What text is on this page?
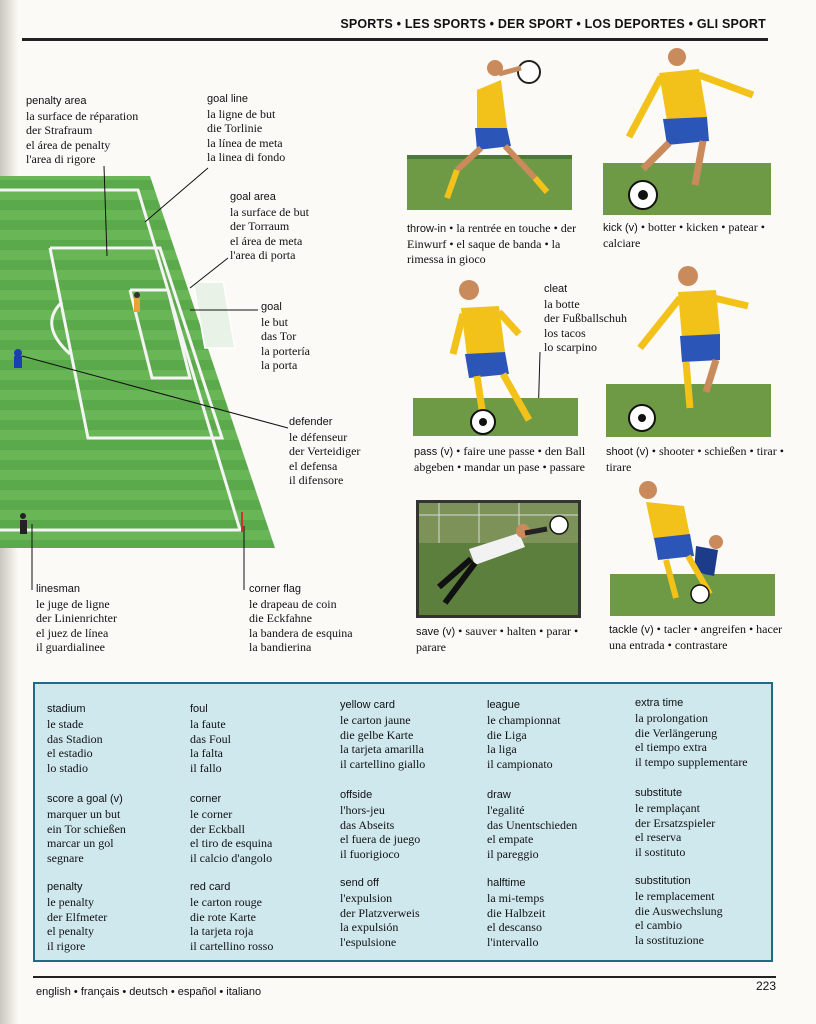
SPORTS • LES SPORTS • DER SPORT • LOS DEPORTES • GLI SPORT
penalty area
la surface de réparation
der Strafraum
el área de penalty
l'area di rigore
goal line
la ligne de but
die Torlinie
la línea de meta
la linea di fondo
goal area
la surface de but
der Torraum
el área de meta
l'area di porta
goal
le but
das Tor
la portería
la porta
defender
le défenseur
der Verteidiger
el defensa
il difensore
linesman
le juge de ligne
der Linienrichter
el juez de línea
il guardialinee
corner flag
le drapeau de coin
die Eckfahne
la bandera de esquina
la bandierina
cleat
la botte
der Fußballschuh
los tacos
lo scarpino
throw-in • la rentrée en touche • der Einwurf • el saque de banda • la rimessa in gioco
kick (v) • botter • kicken • patear • calciare
pass (v) • faire une passe • den Ball abgeben • mandar un pase • passare
shoot (v) • shooter • schießen • tirar • tirare
save (v) • sauver • halten • parar • parare
tackle (v) • tacler • angreifen • hacer una entrada • contrastare
stadium
le stade
das Stadion
el estadio
lo stadio
score a goal (v)
marquer un but
ein Tor schießen
marcar un gol
segnare
penalty
le penalty
der Elfmeter
el penalty
il rigore
foul
la faute
das Foul
la falta
il fallo
corner
le corner
der Eckball
el tiro de esquina
il calcio d'angolo
red card
le carton rouge
die rote Karte
la tarjeta roja
il cartellino rosso
yellow card
le carton jaune
die gelbe Karte
la tarjeta amarilla
il cartellino giallo
offside
l'hors-jeu
das Abseits
el fuera de juego
il fuorigioco
send off
l'expulsion
der Platzverweis
la expulsión
l'espulsione
league
le championnat
die Liga
la liga
il campionato
draw
l'egalité
das Unentschieden
el empate
il pareggio
halftime
la mi-temps
die Halbzeit
el descanso
l'intervallo
extra time
la prolongation
die Verlängerung
el tiempo extra
il tempo supplementare
substitute
le remplaçant
der Ersatzspieler
el reserva
il sostituto
substitution
le remplacement
die Auswechslung
el cambio
la sostituzione
english • français • deutsch • español • italiano	223
